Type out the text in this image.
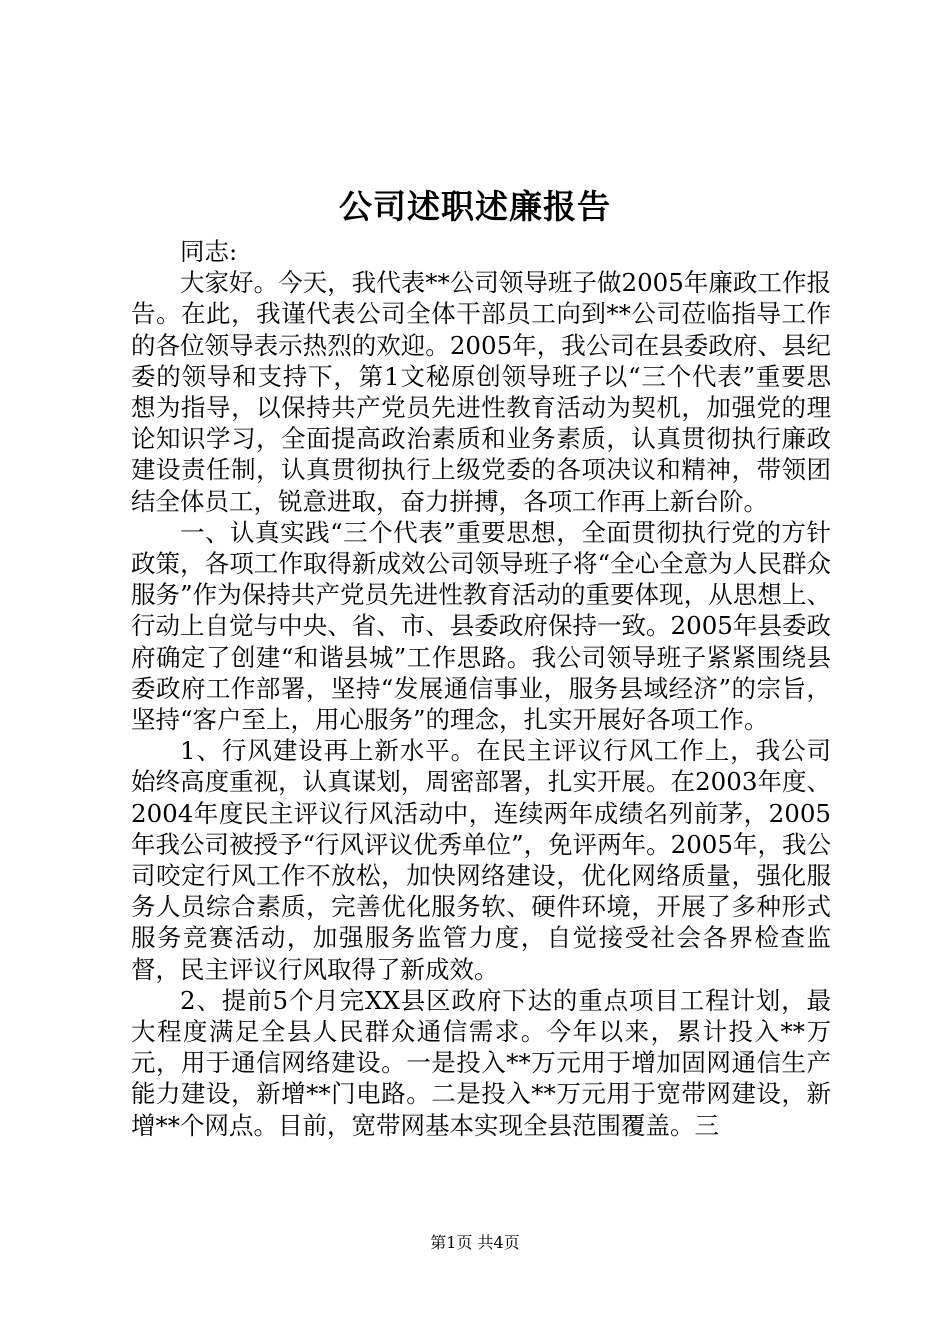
公司述职述廉报告

同志:

大家好。今天，我代表**公司领导班子做2005年廉政工作报告。在此，我谨代表公司全体干部员工向到**公司莅临指导工作的各位领导表示热烈的欢迎。2005年，我公司在县委政府、县纪委的领导和支持下，第1文秘原创领导班子以“三个代表”重要思想为指导，以保持共产党员先进性教育活动为契机，加强党的理论知识学习，全面提高政治素质和业务素质，认真贯彻执行廉政建设责任制，认真贯彻执行上级党委的各项决议和精神，带领团结全体员工，锐意进取，奋力拼搏，各项工作再上新台阶。

一、认真实践“三个代表”重要思想，全面贯彻执行党的方针政策，各项工作取得新成效公司领导班子将“全心全意为人民群众服务”作为保持共产党员先进性教育活动的重要体现，从思想上、行动上自觉与中央、省、市、县委政府保持一致。2005年县委政府确定了创建“和谐县城”工作思路。我公司领导班子紧紧围绕县委政府工作部署，坚持“发展通信事业，服务县域经济”的宗旨，坚持“客户至上，用心服务”的理念，扎实开展好各项工作。

1、行风建设再上新水平。在民主评议行风工作上，我公司始终高度重视，认真谋划，周密部署，扎实开展。在2003年度、2004年度民主评议行风活动中，连续两年成绩名列前茅，2005年我公司被授予“行风评议优秀单位”，免评两年。2005年，我公司咬定行风工作不放松，加快网络建设，优化网络质量，强化服务人员综合素质，完善优化服务软、硬件环境，开展了多种形式服务竞赛活动，加强服务监管力度，自觉接受社会各界检查监督，民主评议行风取得了新成效。

2、提前5个月完XX县区政府下达的重点项目工程计划，最大程度满足全县人民群众通信需求。今年以来，累计投入**万元，用于通信网络建设。一是投入**万元用于增加固网通信生产能力建设，新增**门电路。二是投入**万元用于宽带网建设，新增**个网点。目前，宽带网基本实现全县范围覆盖。三

第1页 共4页
